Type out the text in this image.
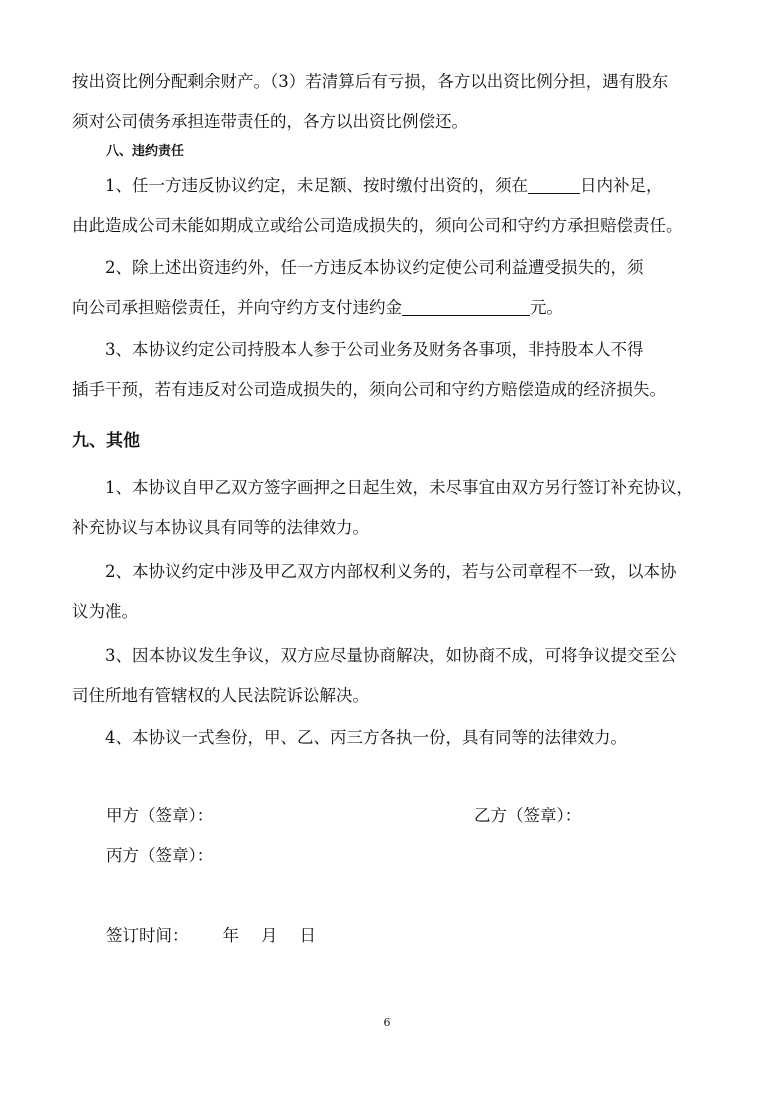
按出资比例分配剩余财产。（3）若清算后有亏损，各方以出资比例分担，遇有股东

须对公司债务承担连带责任的，各方以出资比例偿还。

八、违约责任

1、任一方违反协议约定，未足额、按时缴付出资的，须在	日内补足，

由此造成公司未能如期成立或给公司造成损失的，须向公司和守约方承担赔偿责任。

2、除上述出资违约外，任一方违反本协议约定使公司利益遭受损失的，须

向公司承担赔偿责任，并向守约方支付违约金	元。

3、本协议约定公司持股本人参于公司业务及财务各事项，非持股本人不得

插手干预，若有违反对公司造成损失的，须向公司和守约方赔偿造成的经济损失。

九、其他

1、本协议自甲乙双方签字画押之日起生效，未尽事宜由双方另行签订补充协议，

补充协议与本协议具有同等的法律效力。

2、本协议约定中涉及甲乙双方内部权利义务的，若与公司章程不一致，以本协

议为准。

3、因本协议发生争议，双方应尽量协商解决，如协商不成，可将争议提交至公

司住所地有管辖权的人民法院诉讼解决。

4、本协议一式叁份，甲、乙、丙三方各执一份，具有同等的法律效力。

甲方（签章）：	乙方（签章）：

丙方（签章）：

签订时间： 年 月 日

6
